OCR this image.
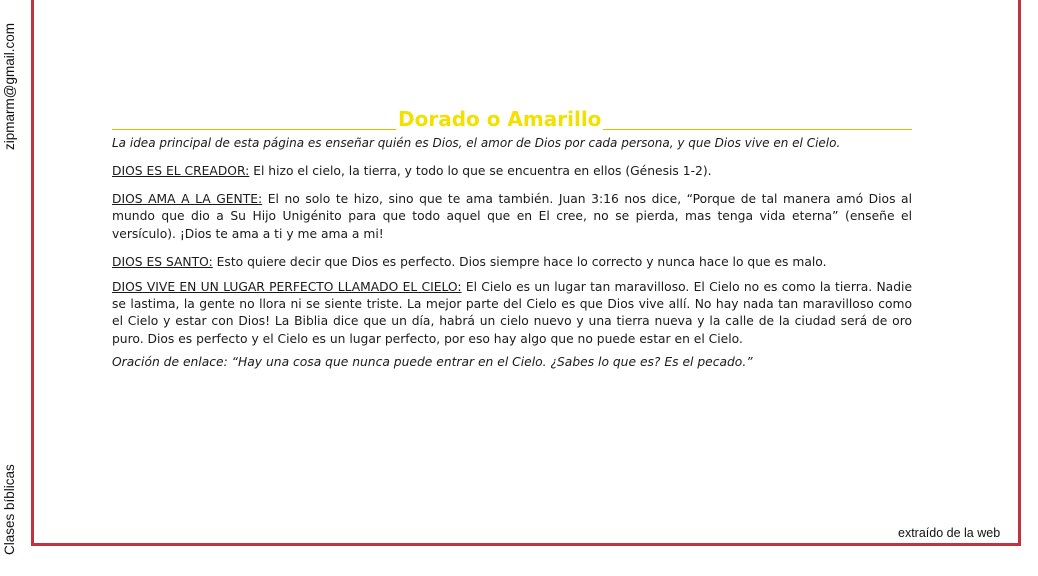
zipmarm@gmail.com
Clases bíblicas
Dorado o Amarillo

La idea principal de esta página es enseñar quién es Dios, el amor de Dios por cada persona, y que Dios vive en el Cielo.

DIOS ES EL CREADOR: El hizo el cielo, la tierra, y todo lo que se encuentra en ellos (Génesis 1-2).

DIOS AMA A LA GENTE: El no solo te hizo, sino que te ama también. Juan 3:16 nos dice, “Porque de tal manera amó Dios al mundo que dio a Su Hijo Unigénito para que todo aquel que en El cree, no se pierda, mas tenga vida eterna” (enseñe el versículo). ¡Dios te ama a ti y me ama a mi!

DIOS ES SANTO: Esto quiere decir que Dios es perfecto. Dios siempre hace lo correcto y nunca hace lo que es malo.

DIOS VIVE EN UN LUGAR PERFECTO LLAMADO EL CIELO: El Cielo es un lugar tan maravilloso. El Cielo no es como la tierra. Nadie se lastima, la gente no llora ni se siente triste. La mejor parte del Cielo es que Dios vive allí. No hay nada tan maravilloso como el Cielo y estar con Dios! La Biblia dice que un día, habrá un cielo nuevo y una tierra nueva y la calle de la ciudad será de oro puro. Dios es perfecto y el Cielo es un lugar perfecto, por eso hay algo que no puede estar en el Cielo.

Oración de enlace: “Hay una cosa que nunca puede entrar en el Cielo. ¿Sabes lo que es? Es el pecado.”

extraído de la web
